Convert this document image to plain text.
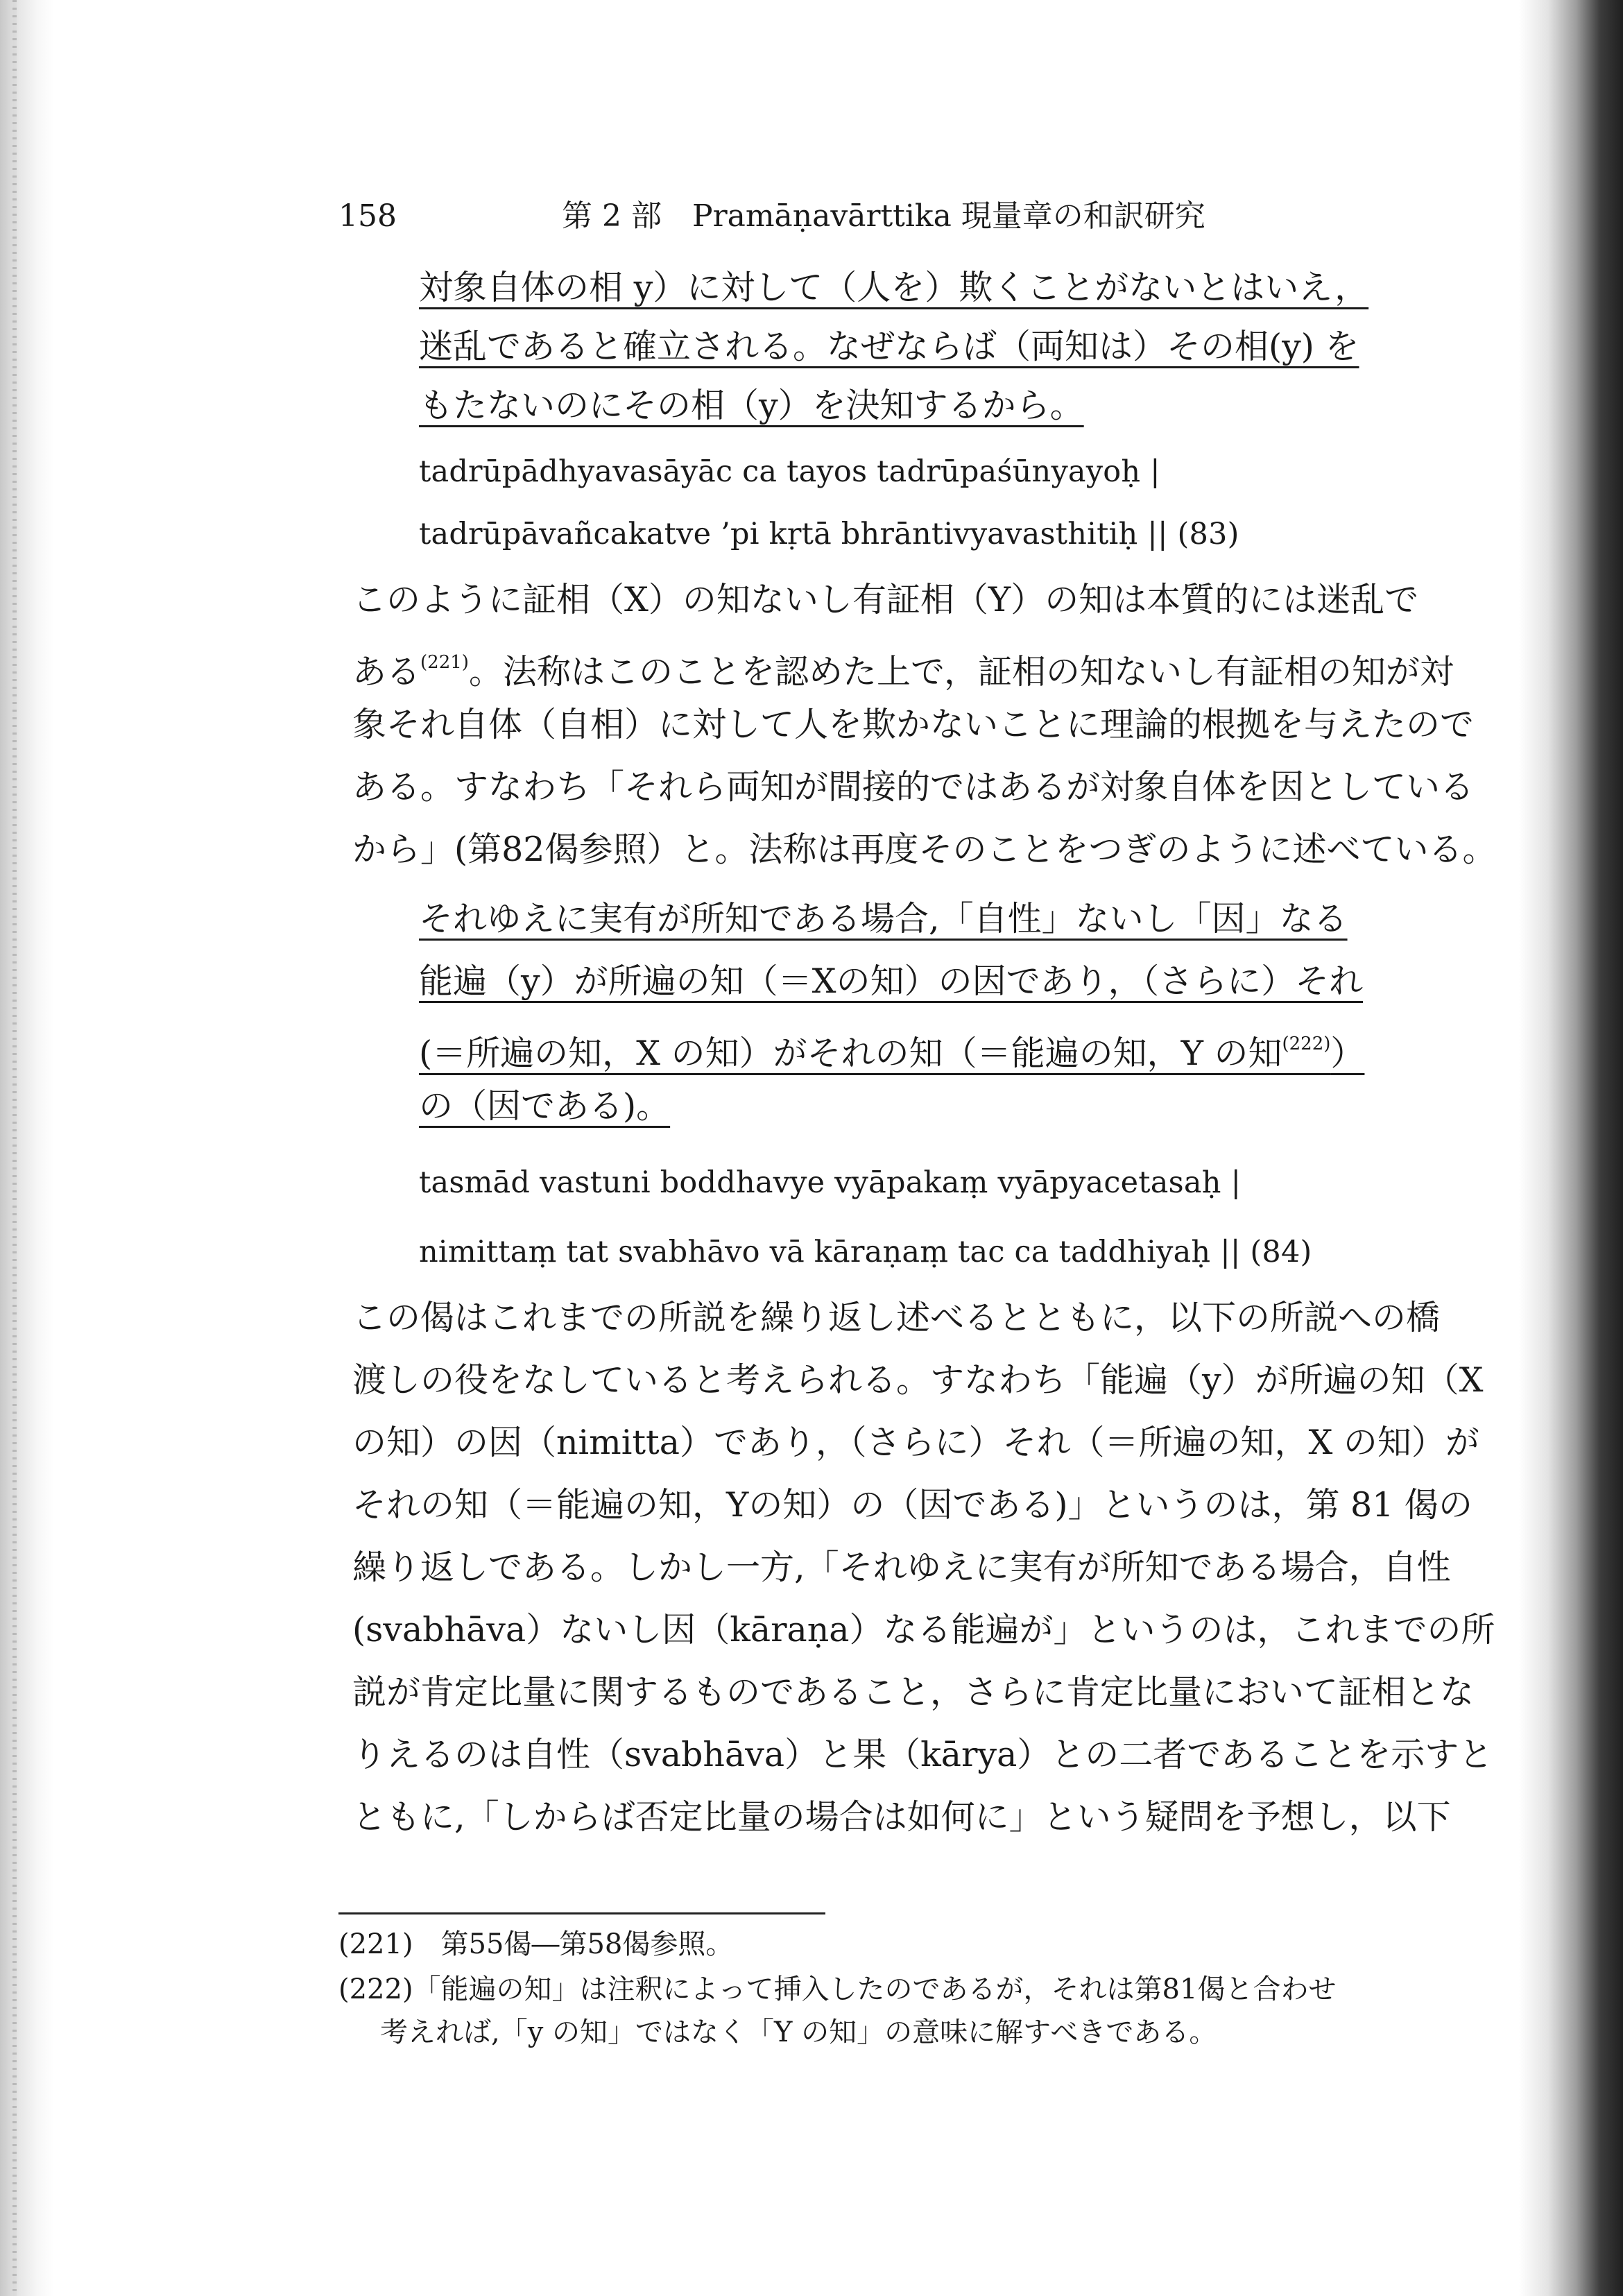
158	第 2 部　Pramāṇavārttika 現量章の和訳研究
対象自体の相 y）に対して（人を）欺くことがないとはいえ，
迷乱であると確立される。なぜならば（両知は）その相(y) を
もたないのにその相（y）を決知するから。
tadrūpādhyavasāyāc ca tayos tadrūpaśūnyayoḥ |
tadrūpāvañcakatve ’pi kṛtā bhrāntivyavasthitiḥ || (83)
このように証相（X）の知ないし有証相（Y）の知は本質的には迷乱で
ある$^{(221)}$。法称はこのことを認めた上で，証相の知ないし有証相の知が対
象それ自体（自相）に対して人を欺かないことに理論的根拠を与えたので
ある。すなわち「それら両知が間接的ではあるが対象自体を因としている
から」(第82偈参照）と。法称は再度そのことをつぎのように述べている。
それゆえに実有が所知である場合,「自性」ないし「因」なる
能遍（y）が所遍の知（＝Xの知）の因であり，（さらに）それ
(＝所遍の知，X の知）がそれの知（＝能遍の知，Y の知$^{(222)}$）
の（因である)。
tasmād vastuni boddhavye vyāpakaṃ vyāpyacetasaḥ |
nimittaṃ tat svabhāvo vā kāraṇaṃ tac ca taddhiyaḥ || (84)
この偈はこれまでの所説を繰り返し述べるとともに，以下の所説への橋
渡しの役をなしていると考えられる。すなわち「能遍（y）が所遍の知（X
の知）の因（nimitta）であり，（さらに）それ（＝所遍の知，X の知）が
それの知（＝能遍の知，Yの知）の（因である)」というのは，第 81 偈の
繰り返しである。しかし一方,「それゆえに実有が所知である場合，自性
(svabhāva）ないし因（kāraṇa）なる能遍が」というのは，これまでの所
説が肯定比量に関するものであること，さらに肯定比量において証相とな
りえるのは自性（svabhāva）と果（kārya）との二者であることを示すと
ともに,「しからば否定比量の場合は如何に」という疑問を予想し，以下
(221)　第55偈―第58偈参照。
(222)「能遍の知」は注釈によって挿入したのであるが，それは第81偈と合わせ
考えれば,「y の知」ではなく「Y の知」の意味に解すべきである。
